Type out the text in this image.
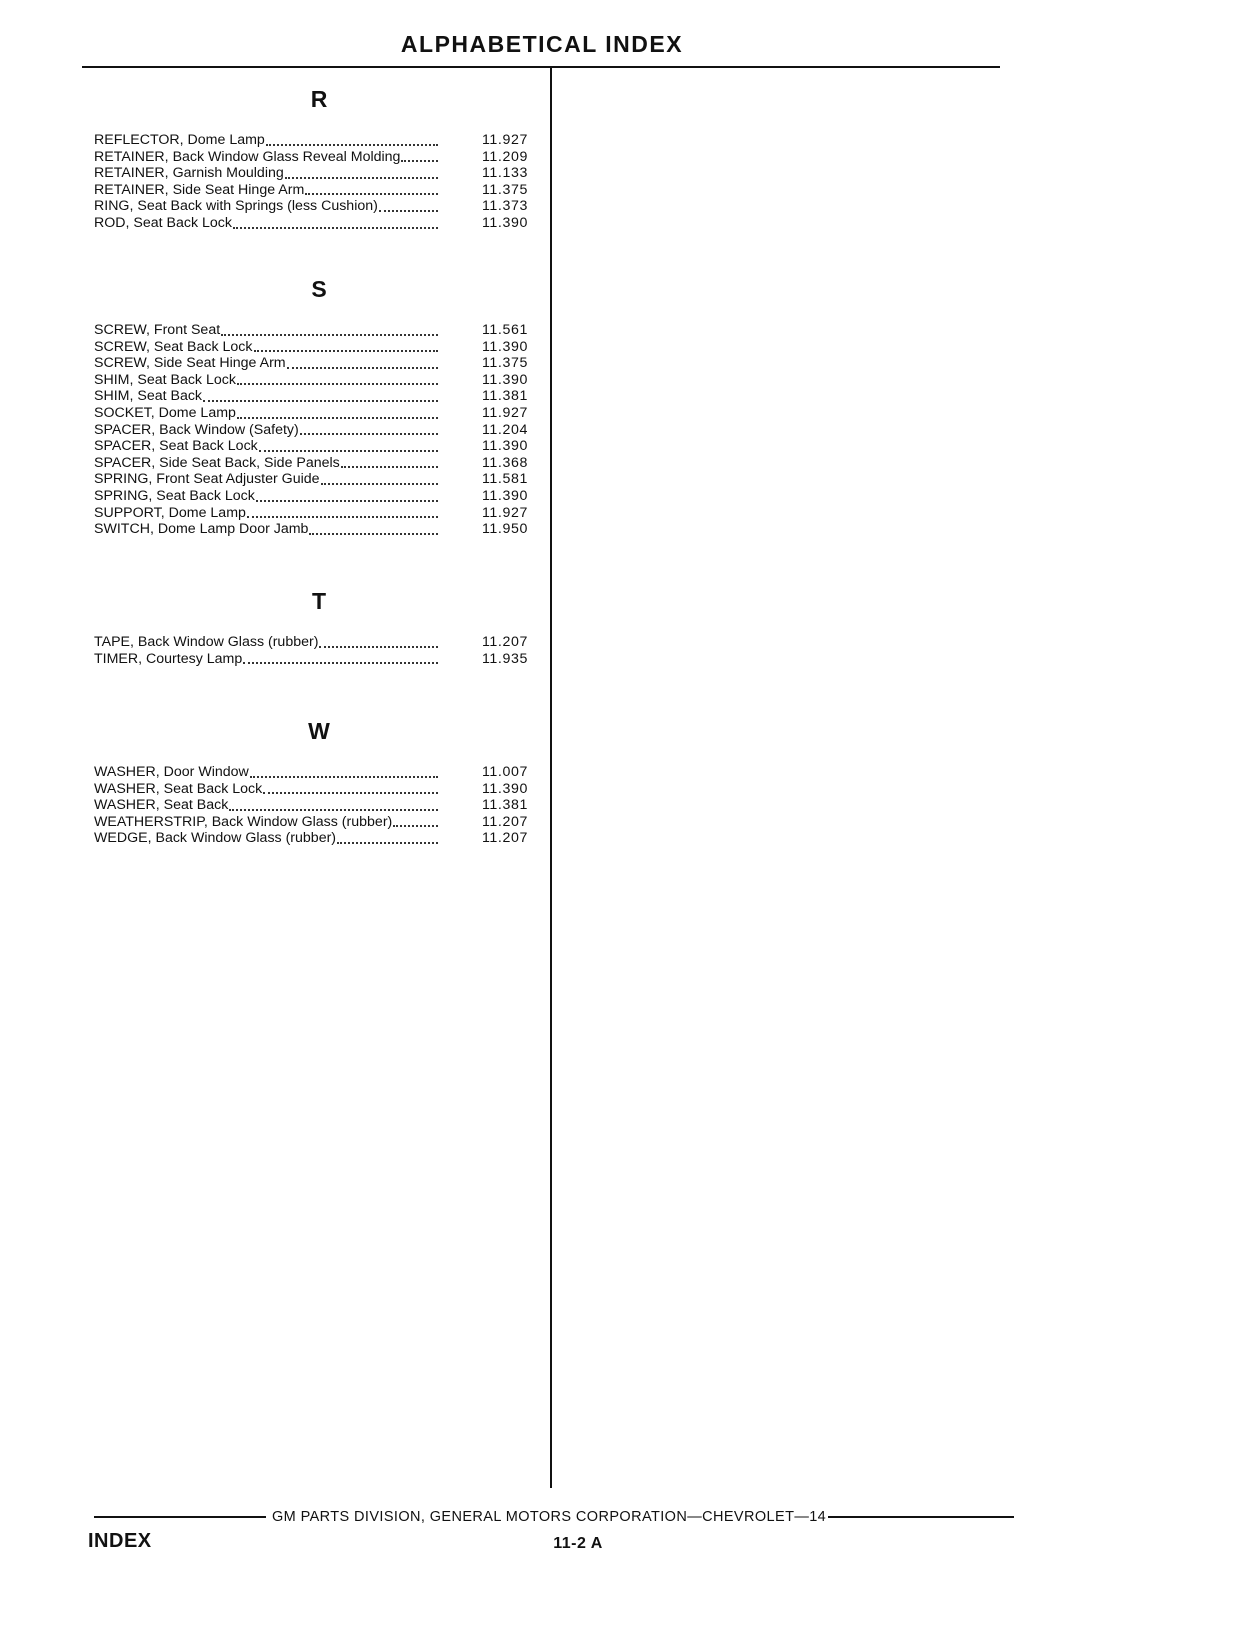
ALPHABETICAL INDEX
R
REFLECTOR, Dome Lamp	11.927
RETAINER, Back Window Glass Reveal Molding	11.209
RETAINER, Garnish Moulding	11.133
RETAINER, Side Seat Hinge Arm	11.375
RING, Seat Back with Springs (less Cushion)	11.373
ROD, Seat Back Lock	11.390
S
SCREW, Front Seat	11.561
SCREW, Seat Back Lock	11.390
SCREW, Side Seat Hinge Arm	11.375
SHIM, Seat Back Lock	11.390
SHIM, Seat Back	11.381
SOCKET, Dome Lamp	11.927
SPACER, Back Window (Safety)	11.204
SPACER, Seat Back Lock	11.390
SPACER, Side Seat Back, Side Panels	11.368
SPRING, Front Seat Adjuster Guide	11.581
SPRING, Seat Back Lock	11.390
SUPPORT, Dome Lamp	11.927
SWITCH, Dome Lamp Door Jamb	11.950
T
TAPE, Back Window Glass (rubber)	11.207
TIMER, Courtesy Lamp	11.935
W
WASHER, Door Window	11.007
WASHER, Seat Back Lock	11.390
WASHER, Seat Back	11.381
WEATHERSTRIP, Back Window Glass (rubber)	11.207
WEDGE, Back Window Glass (rubber)	11.207
GM PARTS DIVISION, GENERAL MOTORS CORPORATION—CHEVROLET—14
INDEX	11-2 A
